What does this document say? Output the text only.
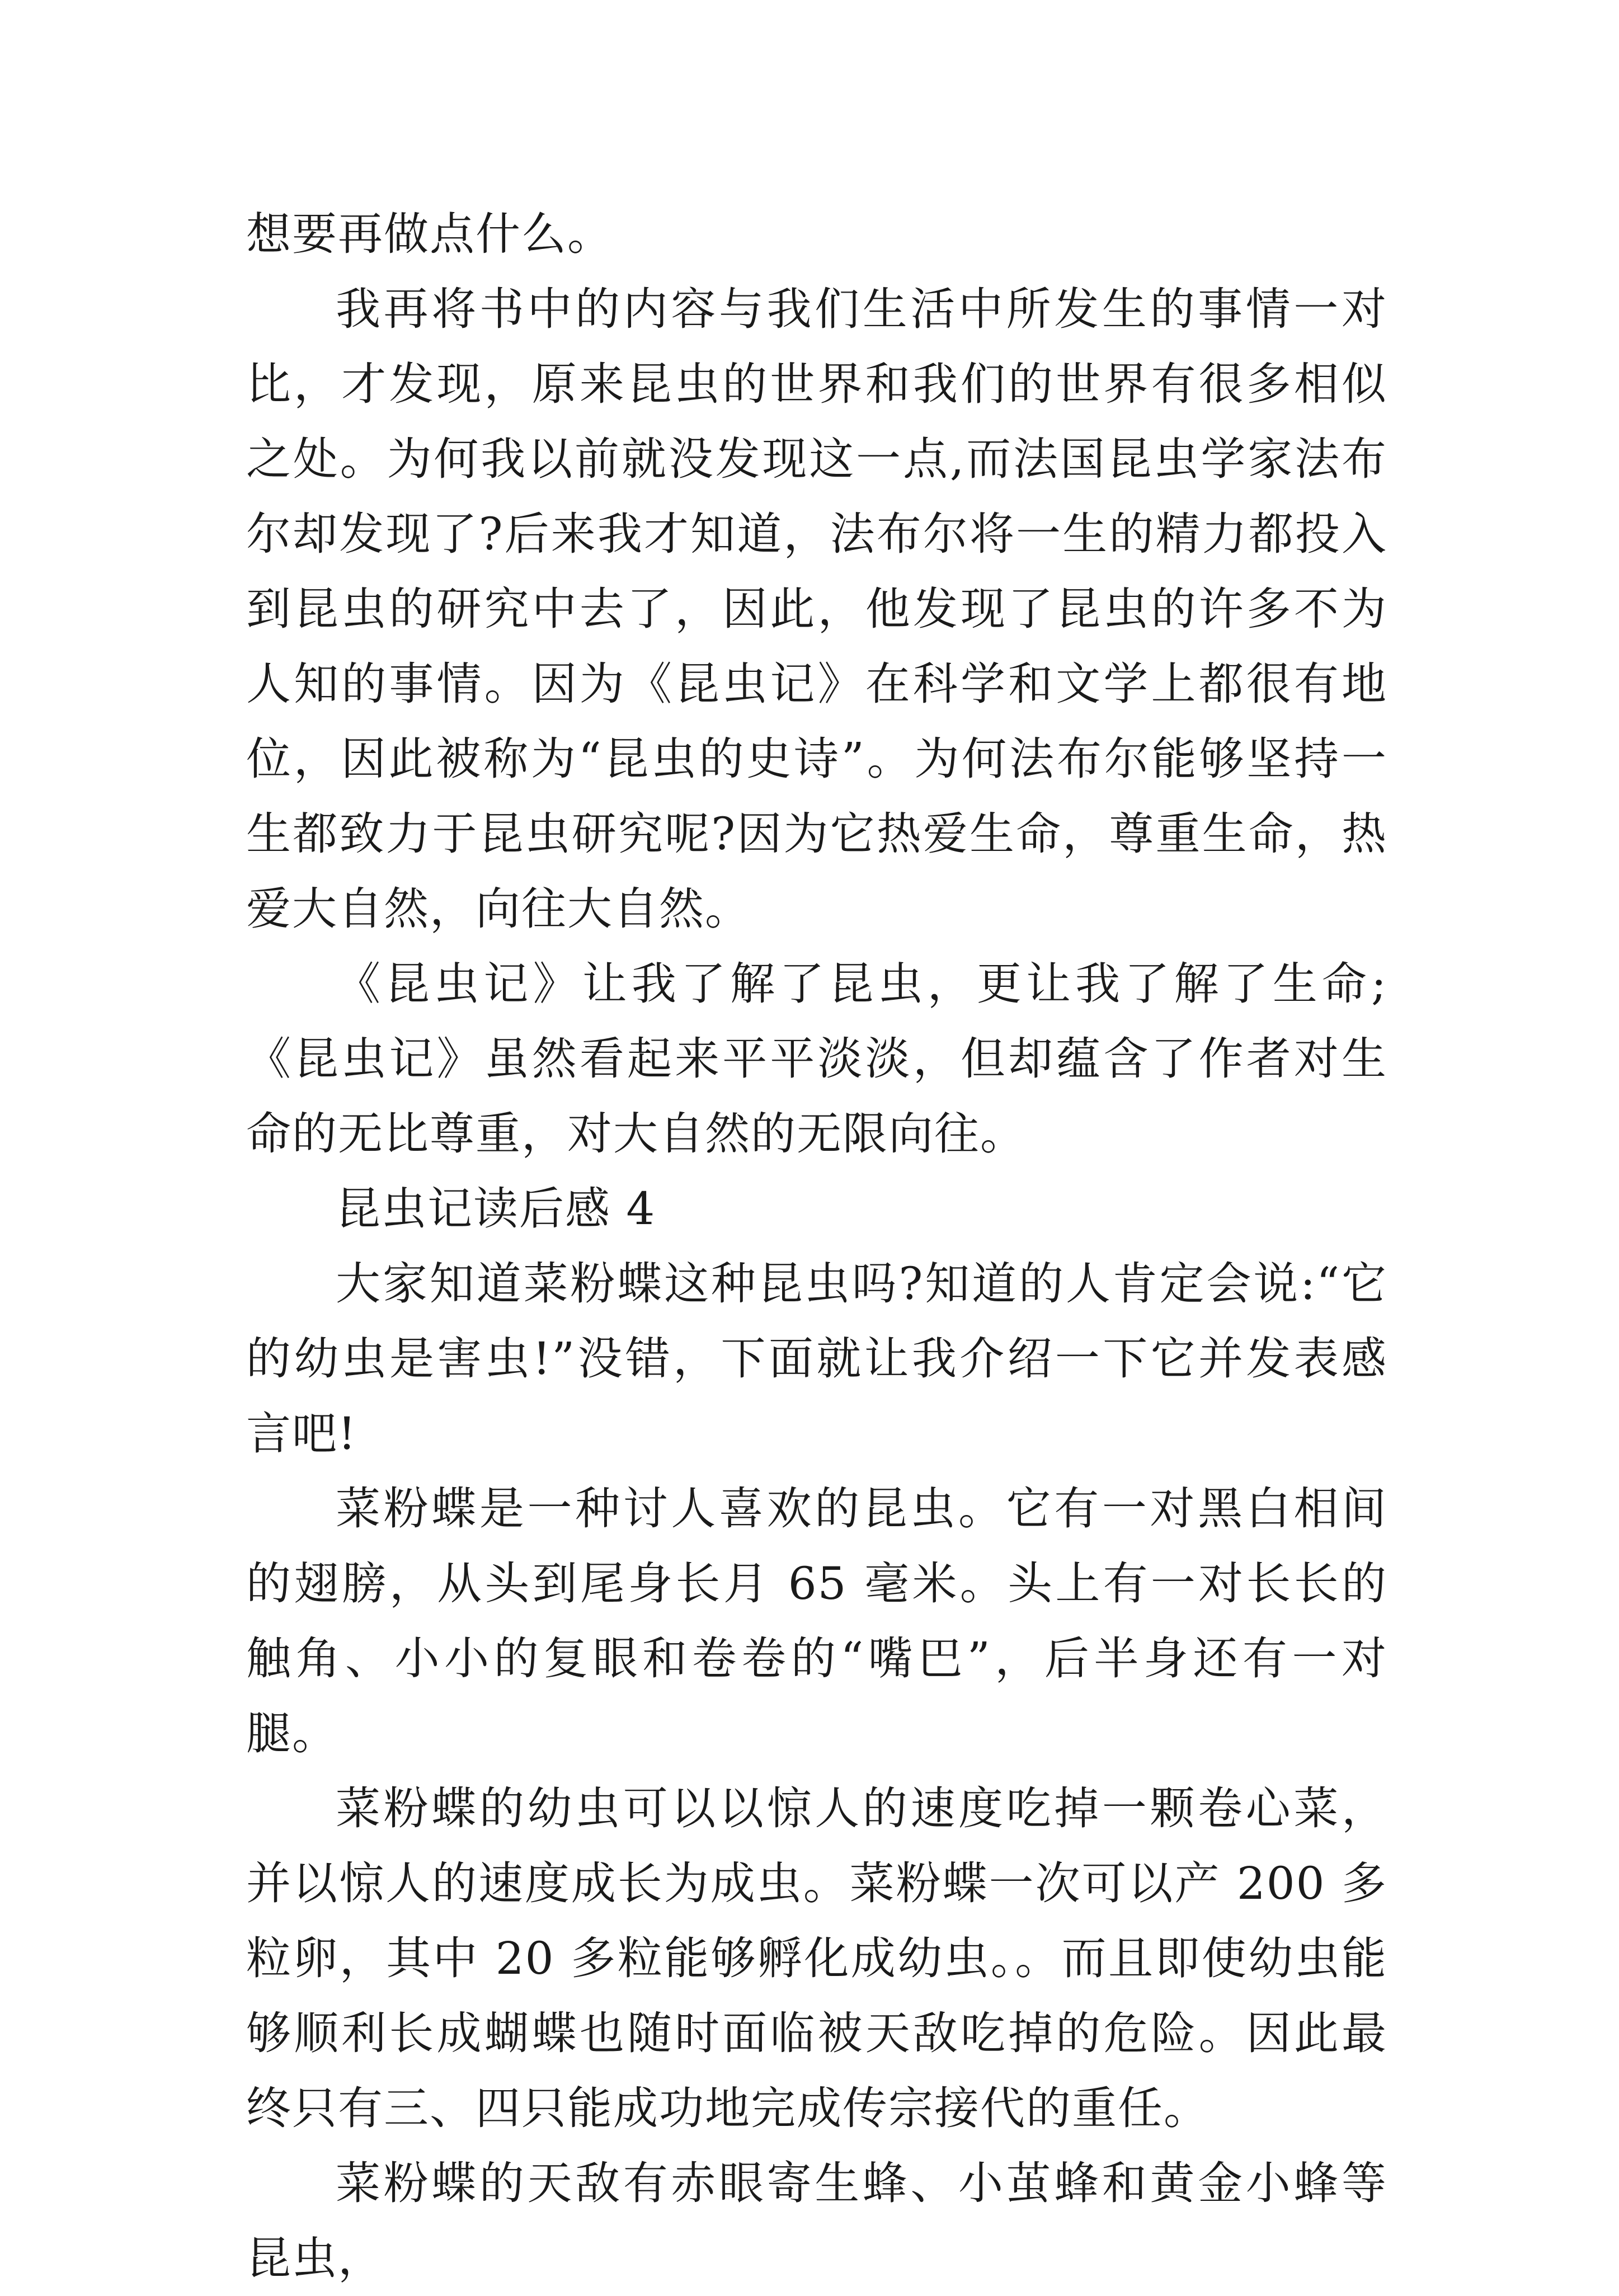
想要再做点什么。

我再将书中的内容与我们生活中所发生的事情一对比，才发现，原来昆虫的世界和我们的世界有很多相似之处。为何我以前就没发现这一点,而法国昆虫学家法布尔却发现了?后来我才知道，法布尔将一生的精力都投入到昆虫的研究中去了，因此，他发现了昆虫的许多不为人知的事情。因为《昆虫记》在科学和文学上都很有地位，因此被称为“昆虫的史诗”。为何法布尔能够坚持一生都致力于昆虫研究呢?因为它热爱生命，尊重生命，热爱大自然，向往大自然。

《昆虫记》让我了解了昆虫，更让我了解了生命;《昆虫记》虽然看起来平平淡淡，但却蕴含了作者对生命的无比尊重，对大自然的无限向往。

昆虫记读后感 4

大家知道菜粉蝶这种昆虫吗?知道的人肯定会说:“它的幼虫是害虫!”没错，下面就让我介绍一下它并发表感言吧!

菜粉蝶是一种讨人喜欢的昆虫。它有一对黑白相间的翅膀，从头到尾身长月 65 毫米。头上有一对长长的触角、小小的复眼和卷卷的“嘴巴”，后半身还有一对腿。

菜粉蝶的幼虫可以以惊人的速度吃掉一颗卷心菜，并以惊人的速度成长为成虫。菜粉蝶一次可以产 200 多粒卵，其中 20 多粒能够孵化成幼虫。。而且即使幼虫能够顺利长成蝴蝶也随时面临被天敌吃掉的危险。因此最终只有三、四只能成功地完成传宗接代的重任。

菜粉蝶的天敌有赤眼寄生蜂、小茧蜂和黄金小蜂等昆虫，
